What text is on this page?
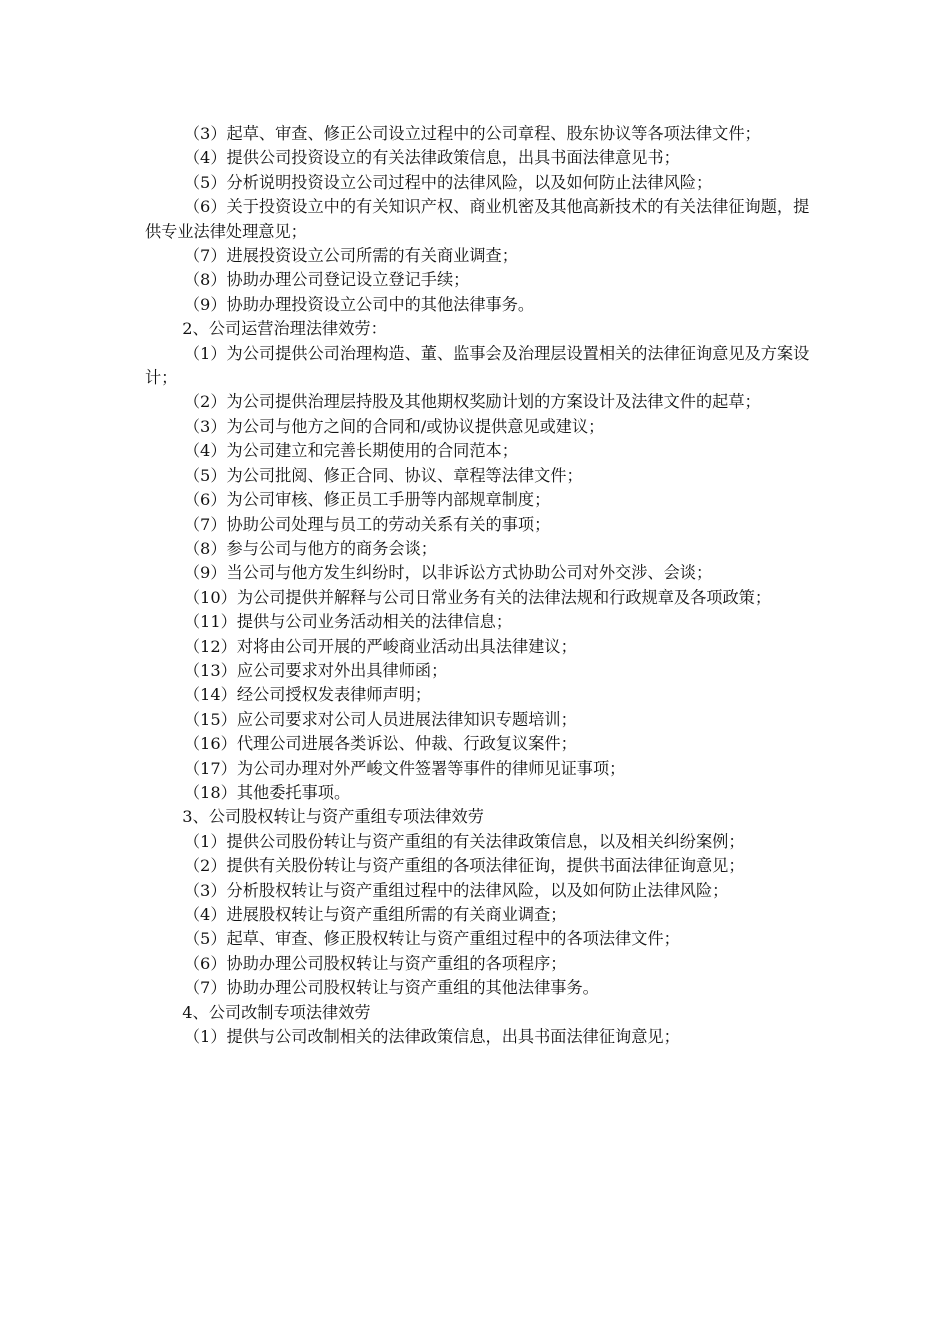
（3）起草、审查、修正公司设立过程中的公司章程、股东协议等各项法律文件；

（4）提供公司投资设立的有关法律政策信息，出具书面法律意见书；

（5）分析说明投资设立公司过程中的法律风险，以及如何防止法律风险；

（6）关于投资设立中的有关知识产权、商业机密及其他高新技术的有关法律征询题，提供专业法律处理意见；

（7）进展投资设立公司所需的有关商业调查；

（8）协助办理公司登记设立登记手续；

（9）协助办理投资设立公司中的其他法律事务。

2、公司运营治理法律效劳：

（1）为公司提供公司治理构造、董、监事会及治理层设置相关的法律征询意见及方案设计；

（2）为公司提供治理层持股及其他期权奖励计划的方案设计及法律文件的起草；

（3）为公司与他方之间的合同和/或协议提供意见或建议；

（4）为公司建立和完善长期使用的合同范本；

（5）为公司批阅、修正合同、协议、章程等法律文件；

（6）为公司审核、修正员工手册等内部规章制度；

（7）协助公司处理与员工的劳动关系有关的事项；

（8）参与公司与他方的商务会谈；

（9）当公司与他方发生纠纷时，以非诉讼方式协助公司对外交涉、会谈；

（10）为公司提供并解释与公司日常业务有关的法律法规和行政规章及各项政策；

（11）提供与公司业务活动相关的法律信息；

（12）对将由公司开展的严峻商业活动出具法律建议；

（13）应公司要求对外出具律师函；

（14）经公司授权发表律师声明；

（15）应公司要求对公司人员进展法律知识专题培训；

（16）代理公司进展各类诉讼、仲裁、行政复议案件；

（17）为公司办理对外严峻文件签署等事件的律师见证事项；

（18）其他委托事项。

3、公司股权转让与资产重组专项法律效劳

（1）提供公司股份转让与资产重组的有关法律政策信息，以及相关纠纷案例；

（2）提供有关股份转让与资产重组的各项法律征询，提供书面法律征询意见；

（3）分析股权转让与资产重组过程中的法律风险，以及如何防止法律风险；

（4）进展股权转让与资产重组所需的有关商业调查；

（5）起草、审查、修正股权转让与资产重组过程中的各项法律文件；

（6）协助办理公司股权转让与资产重组的各项程序；

（7）协助办理公司股权转让与资产重组的其他法律事务。

4、公司改制专项法律效劳

（1）提供与公司改制相关的法律政策信息，出具书面法律征询意见；
